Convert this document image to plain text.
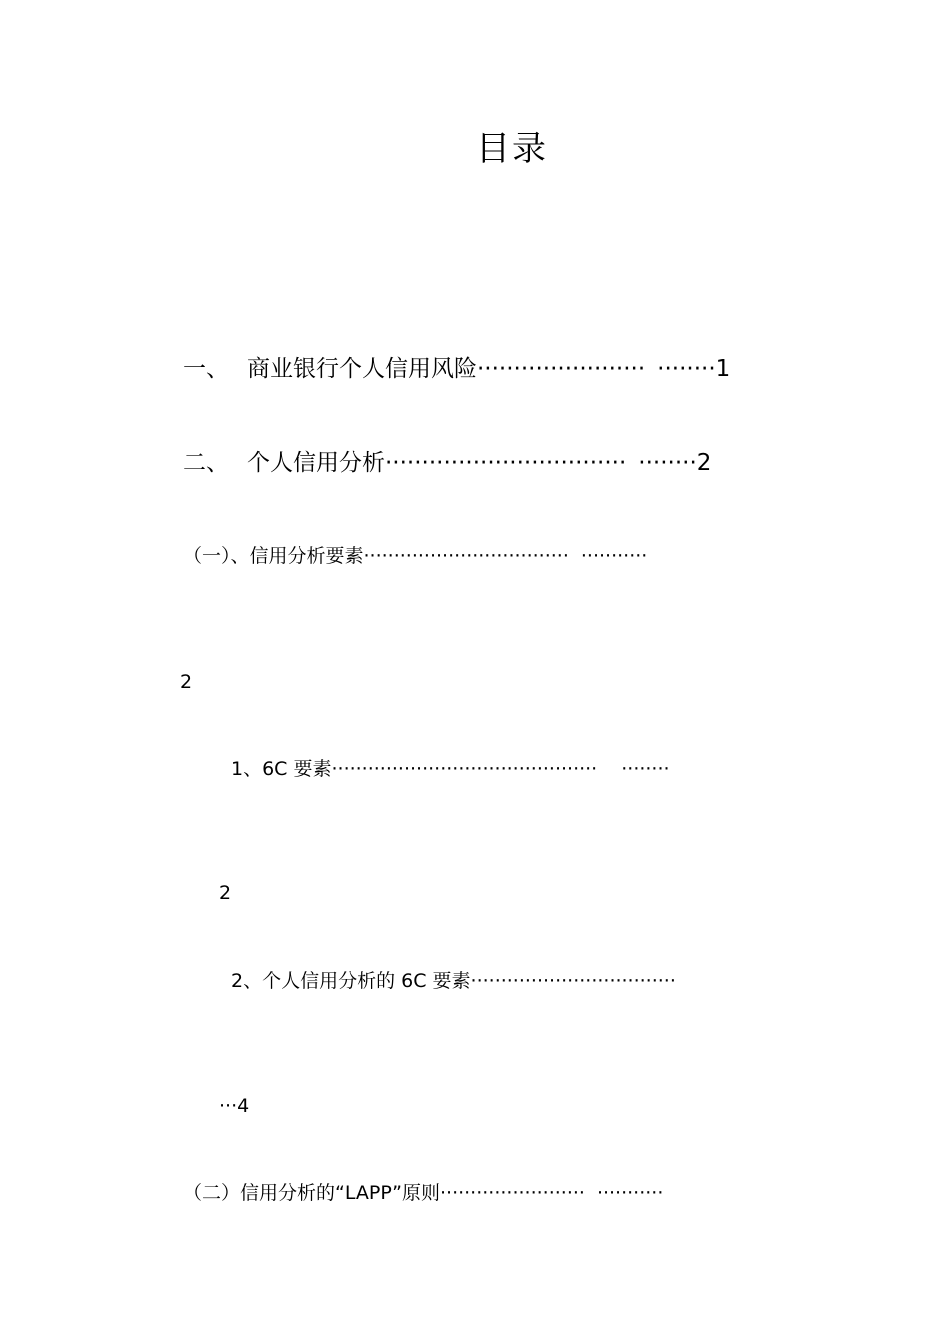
目录
一、 商业银行个人信用风险······················· ········1
二、 个人信用分析································· ········2
（一）、信用分析要素·································· ···········
2
1、6C 要素············································ ········
2
2、个人信用分析的 6C 要素··································
···4
（二）信用分析的“LAPP”原则························ ···········
